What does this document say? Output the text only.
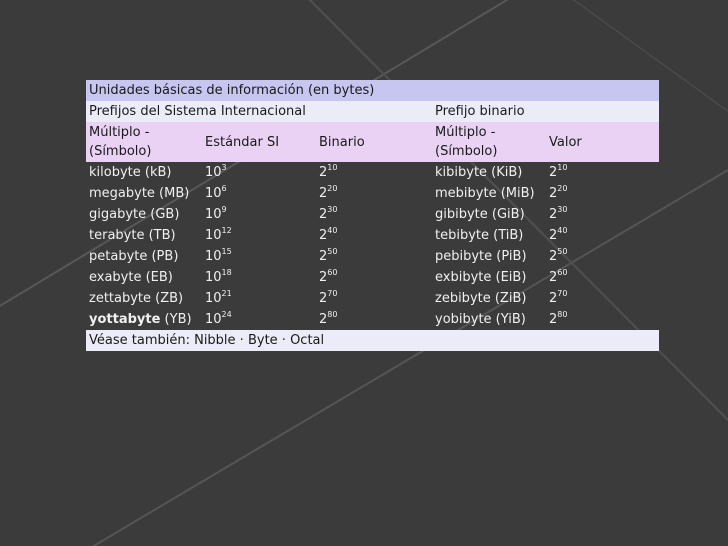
Unidades básicas de información (en bytes)				
Prefijos del Sistema Internacional			Prefijo binario	
Múltiplo - (Símbolo)	Estándar SI	Binario	Múltiplo - (Símbolo)	Valor
kilobyte (kB)	$10^3$	$2^{10}$	kibibyte (KiB)	$2^{10}$
megabyte (MB)	$10^6$	$2^{20}$	mebibyte (MiB)	$2^{20}$
gigabyte (GB)	$10^9$	$2^{30}$	gibibyte (GiB)	$2^{30}$
terabyte (TB)	$10^{12}$	$2^{40}$	tebibyte (TiB)	$2^{40}$
petabyte (PB)	$10^{15}$	$2^{50}$	pebibyte (PiB)	$2^{50}$
exabyte (EB)	$10^{18}$	$2^{60}$	exbibyte (EiB)	$2^{60}$
zettabyte (ZB)	$10^{21}$	$2^{70}$	zebibyte (ZiB)	$2^{70}$
yottabyte (YB)	$10^{24}$	$2^{80}$	yobibyte (YiB)	$2^{80}$
Véase también: Nibble · Byte · Octal				
